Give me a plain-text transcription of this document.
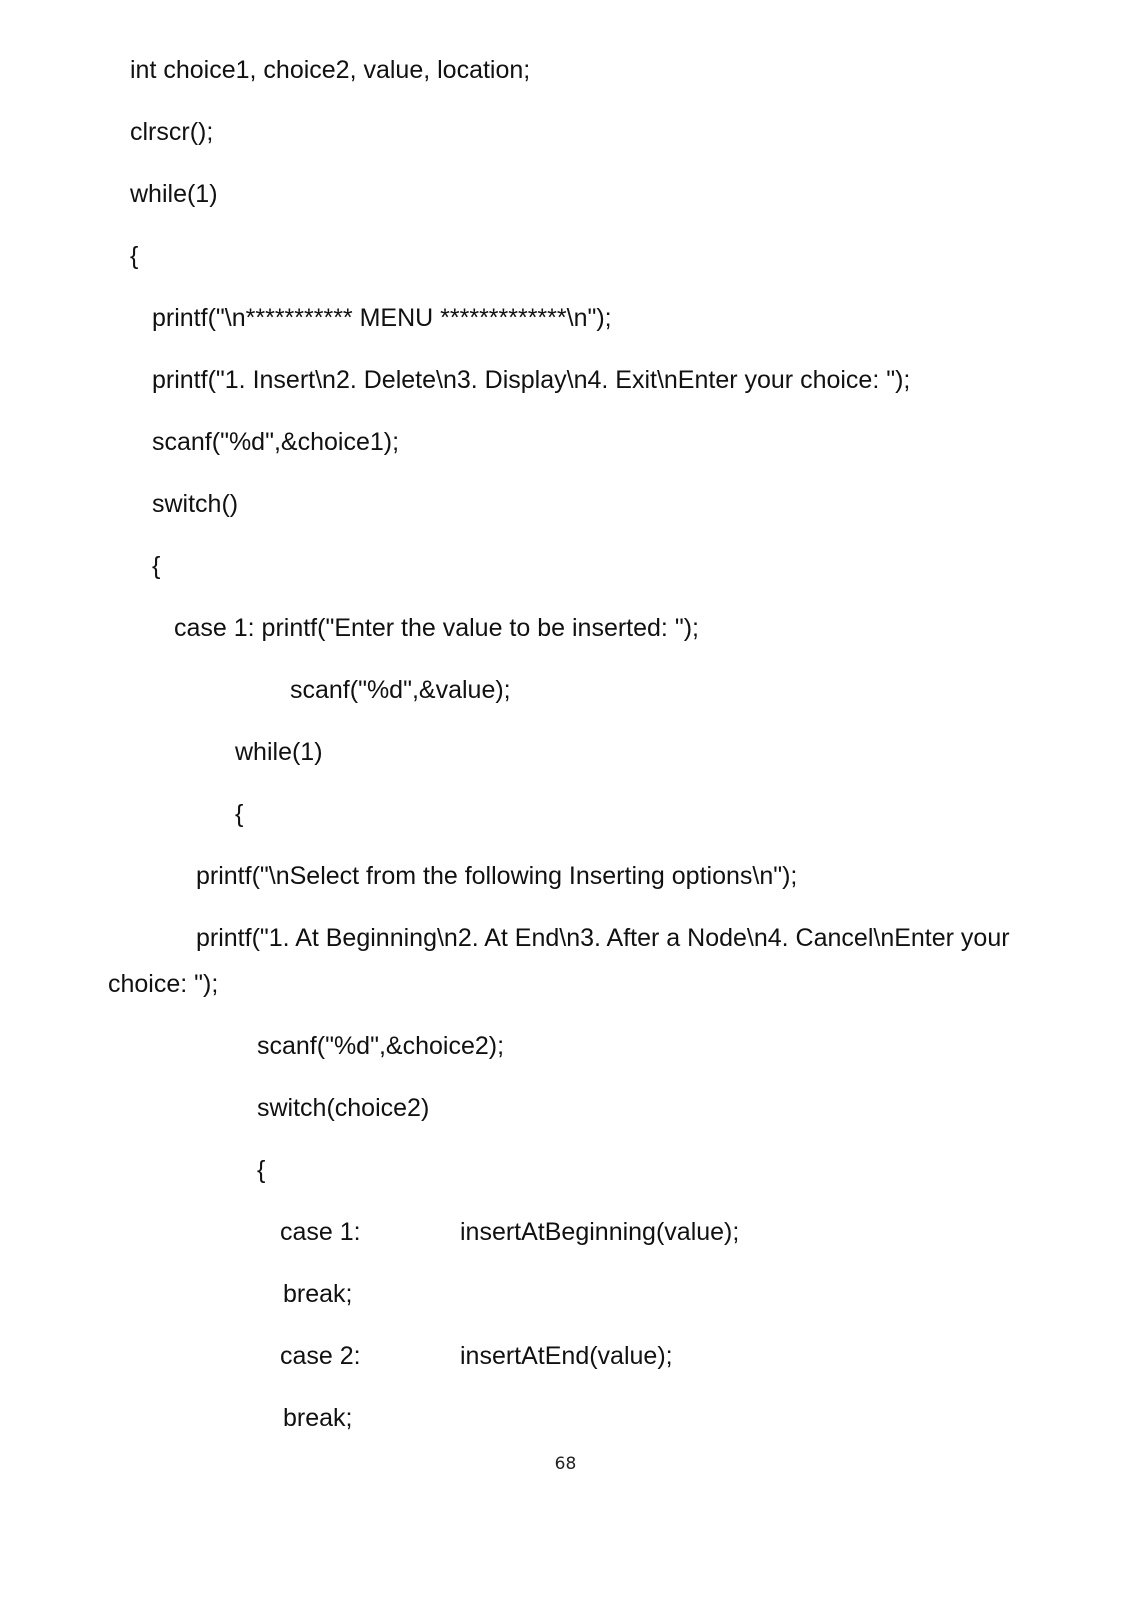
int choice1, choice2, value, location;

clrscr();

while(1)

{

printf("\n*********** MENU *************\n");

printf("1. Insert\n2. Delete\n3. Display\n4. Exit\nEnter your choice: ");

scanf("%d",&choice1);

switch()

{

case 1: printf("Enter the value to be inserted: ");

scanf("%d",&value);

while(1)

{

printf("\nSelect from the following Inserting options\n");

printf("1. At Beginning\n2. At End\n3. After a Node\n4. Cancel\nEnter your

choice: ");

scanf("%d",&choice2);

switch(choice2)

{

case 1:	insertAtBeginning(value);

break;

case 2:	insertAtEnd(value);

break;

68
